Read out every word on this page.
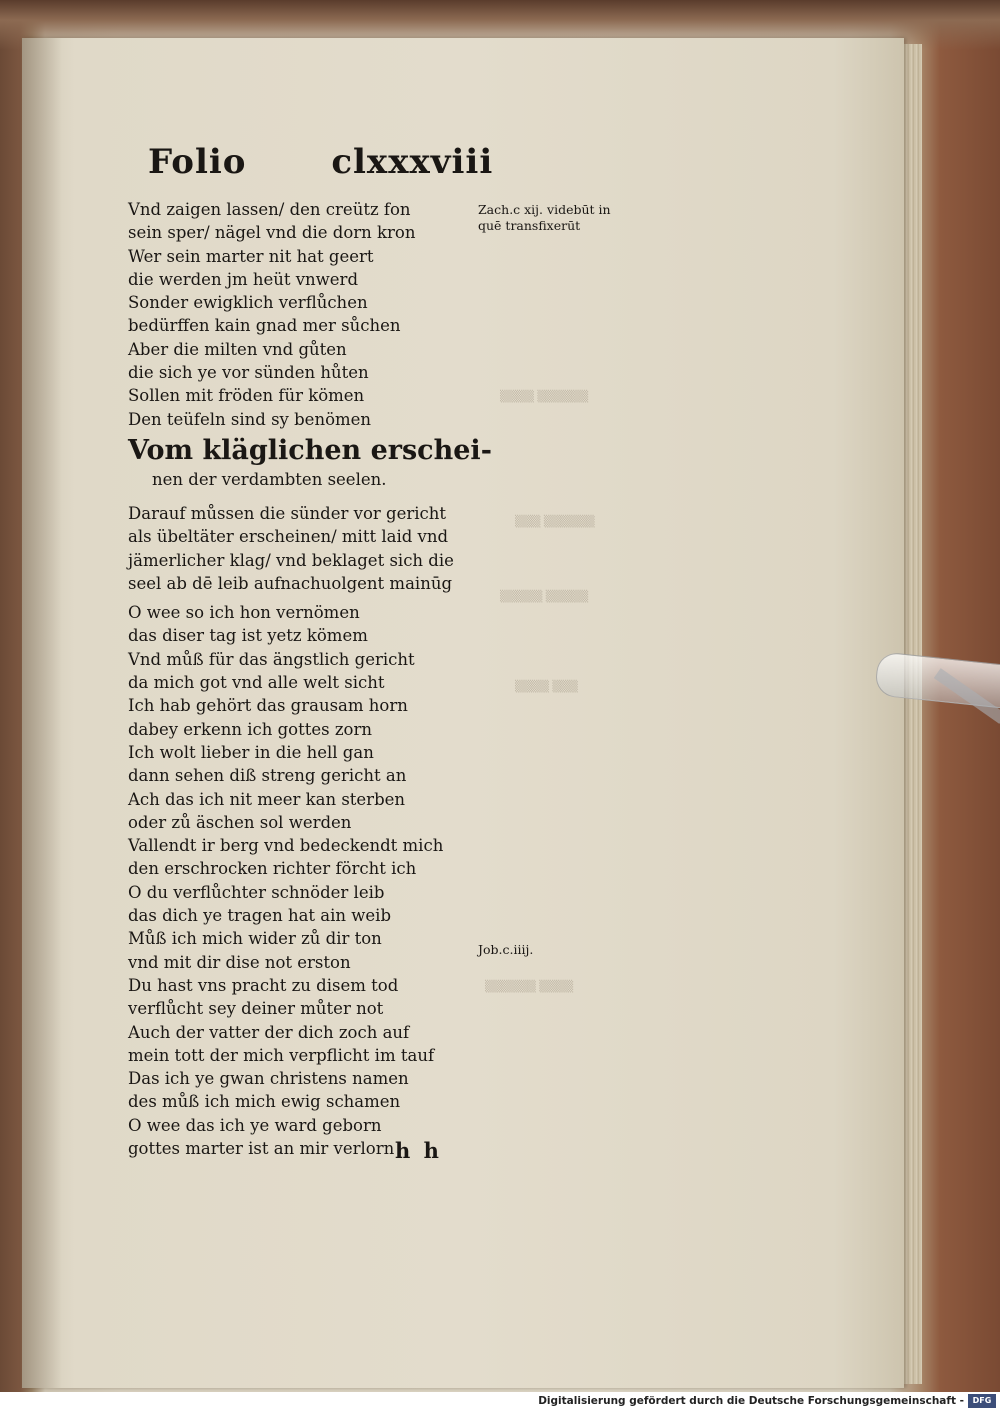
▒▒▒▒ ▒▒▒▒▒▒
▒▒▒ ▒▒▒▒▒▒
▒▒▒▒▒ ▒▒▒▒▒
▒▒▒▒ ▒▒▒
▒▒▒▒▒▒ ▒▒▒▒
Folio clxxxviii
Vnd zaigen lassen/ den creütz fon
sein sper/ nägel vnd die dorn kron
Wer sein marter nit hat geert
die werden jm heüt vnwerd
Sonder ewigklich verflůchen
bedürffen kain gnad mer sůchen
Aber die milten vnd gůten
die sich ye vor sünden hůten
Sollen mit fröden für kömen
Den teüfeln sind sy benömen
Vom kläglichen erschei-
nen der verdambten seelen.
Darauf můssen die sünder vor gericht
als übeltäter erscheinen/ mitt laid vnd
jämerlicher klag/ vnd beklaget sich die
seel ab dē leib aufnachuolgent mainūg
O wee so ich hon vernömen
das diser tag ist yetz kömem
Vnd můß für das ängstlich gericht
da mich got vnd alle welt sicht
Ich hab gehört das grausam horn
dabey erkenn ich gottes zorn
Ich wolt lieber in die hell gan
dann sehen diß streng gericht an
Ach das ich nit meer kan sterben
oder zů äschen sol werden
Vallendt ir berg vnd bedeckendt mich
den erschrocken richter förcht ich
O du verflůchter schnöder leib
das dich ye tragen hat ain weib
Můß ich mich wider zů dir ton
vnd mit dir dise not erston
Du hast vns pracht zu disem tod
verflůcht sey deiner můter not
Auch der vatter der dich zoch auf
mein tott der mich verpflicht im tauf
Das ich ye gwan christens namen
des můß ich mich ewig schamen
O wee das ich ye ward geborn
gottes marter ist an mir verlorn h h
Zach.c xij. videbūt in
quē transfixerūt
Job.c.iiij.
Digitalisierung gefördert durch die Deutsche Forschungsgemeinschaft -	DFG
